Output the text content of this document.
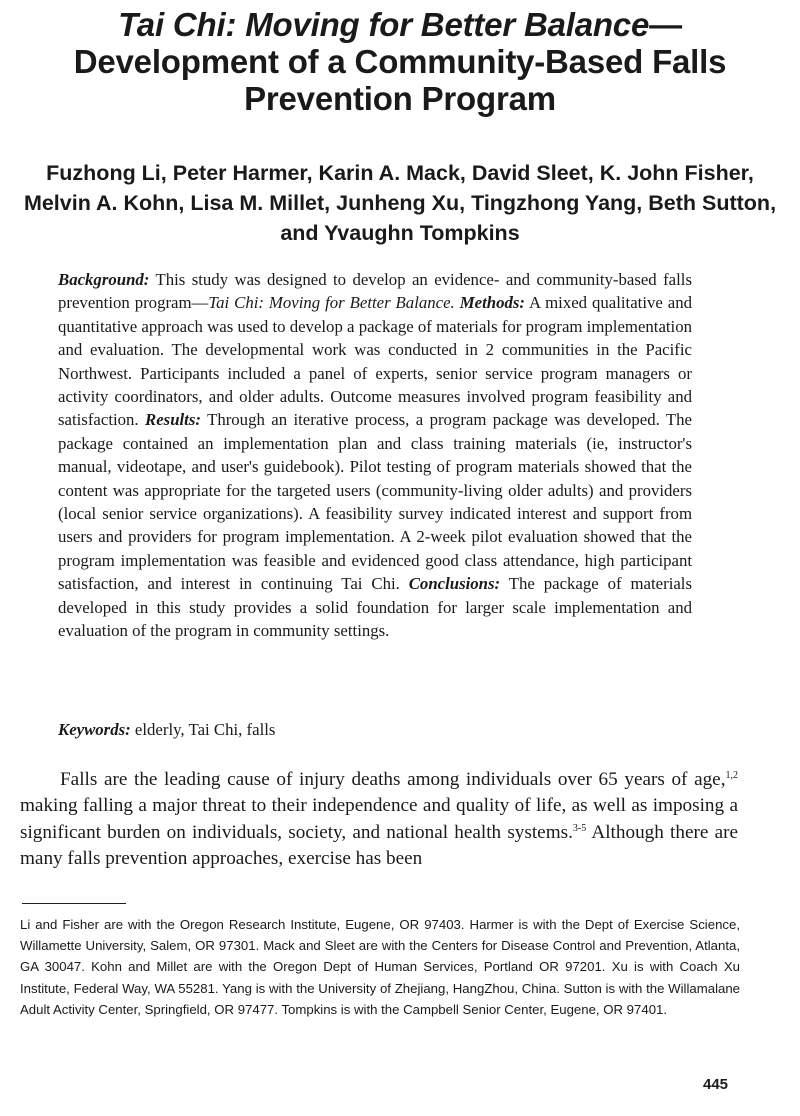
Tai Chi: Moving for Better Balance— Development of a Community-Based Falls Prevention Program
Fuzhong Li, Peter Harmer, Karin A. Mack, David Sleet, K. John Fisher, Melvin A. Kohn, Lisa M. Millet, Junheng Xu, Tingzhong Yang, Beth Sutton, and Yvaughn Tompkins
Background: This study was designed to develop an evidence- and community-based falls prevention program—Tai Chi: Moving for Better Balance. Methods: A mixed qualitative and quantitative approach was used to develop a package of materials for program implementation and evaluation. The developmental work was conducted in 2 communities in the Pacific Northwest. Participants included a panel of experts, senior service program managers or activity coordinators, and older adults. Outcome measures involved program feasibility and satisfaction. Results: Through an iterative process, a program package was developed. The package contained an implementation plan and class training materials (ie, instructor's manual, videotape, and user's guidebook). Pilot testing of program materials showed that the content was appropriate for the targeted users (community-living older adults) and providers (local senior service organizations). A feasibility survey indicated interest and support from users and providers for program implementation. A 2-week pilot evaluation showed that the program implementation was feasible and evidenced good class attendance, high participant satisfaction, and interest in continuing Tai Chi. Conclusions: The package of materials developed in this study provides a solid foundation for larger scale implementation and evaluation of the program in community settings.
Keywords: elderly, Tai Chi, falls

Falls are the leading cause of injury deaths among individuals over 65 years of age,$^{1,2}$ making falling a major threat to their independence and quality of life, as well as imposing a significant burden on individuals, society, and national health systems.$^{3-5}$ Although there are many falls prevention approaches, exercise has been

Li and Fisher are with the Oregon Research Institute, Eugene, OR 97403. Harmer is with the Dept of Exercise Science, Willamette University, Salem, OR 97301. Mack and Sleet are with the Centers for Disease Control and Prevention, Atlanta, GA 30047. Kohn and Millet are with the Oregon Dept of Human Services, Portland OR 97201. Xu is with Coach Xu Institute, Federal Way, WA 55281. Yang is with the University of Zhejiang, HangZhou, China. Sutton is with the Willamalane Adult Activity Center, Springfield, OR 97477. Tompkins is with the Campbell Senior Center, Eugene, OR 97401.
445
